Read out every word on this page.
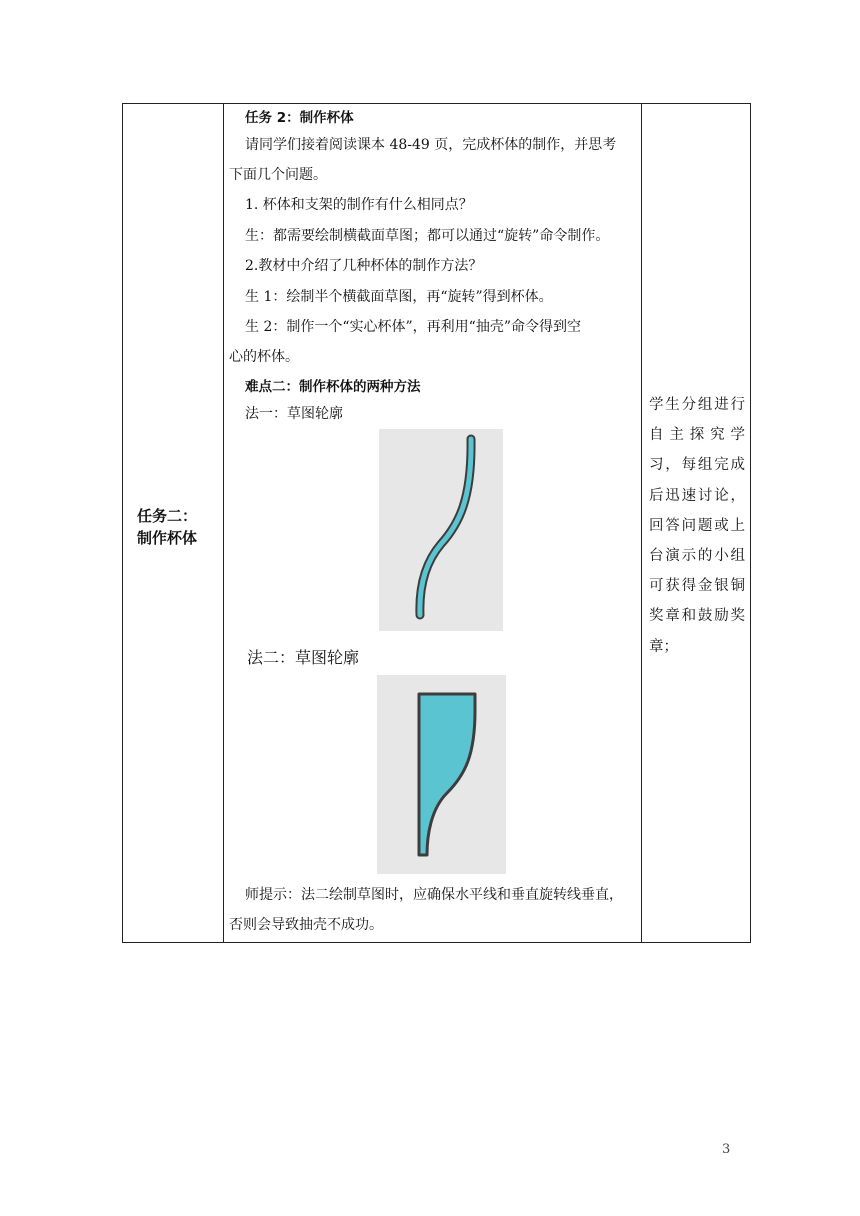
任务二：
制作杯体
任务 2：制作杯体
请同学们接着阅读课本 48-49 页，完成杯体的制作，并思考
下面几个问题。
1. 杯体和支架的制作有什么相同点？
生：都需要绘制横截面草图；都可以通过“旋转”命令制作。
2.教材中介绍了几种杯体的制作方法？
生 1：绘制半个横截面草图，再“旋转”得到杯体。
生 2：制作一个“实心杯体”，再利用“抽壳”命令得到空
心的杯体。
难点二：制作杯体的两种方法
法一：草图轮廓
法二：草图轮廓
师提示：法二绘制草图时，应确保水平线和垂直旋转线垂直，
否则会导致抽壳不成功。
学生分组进行自主探究学习，每组完成后迅速讨论，回答问题或上台演示的小组可获得金银铜奖章和鼓励奖章；
3
